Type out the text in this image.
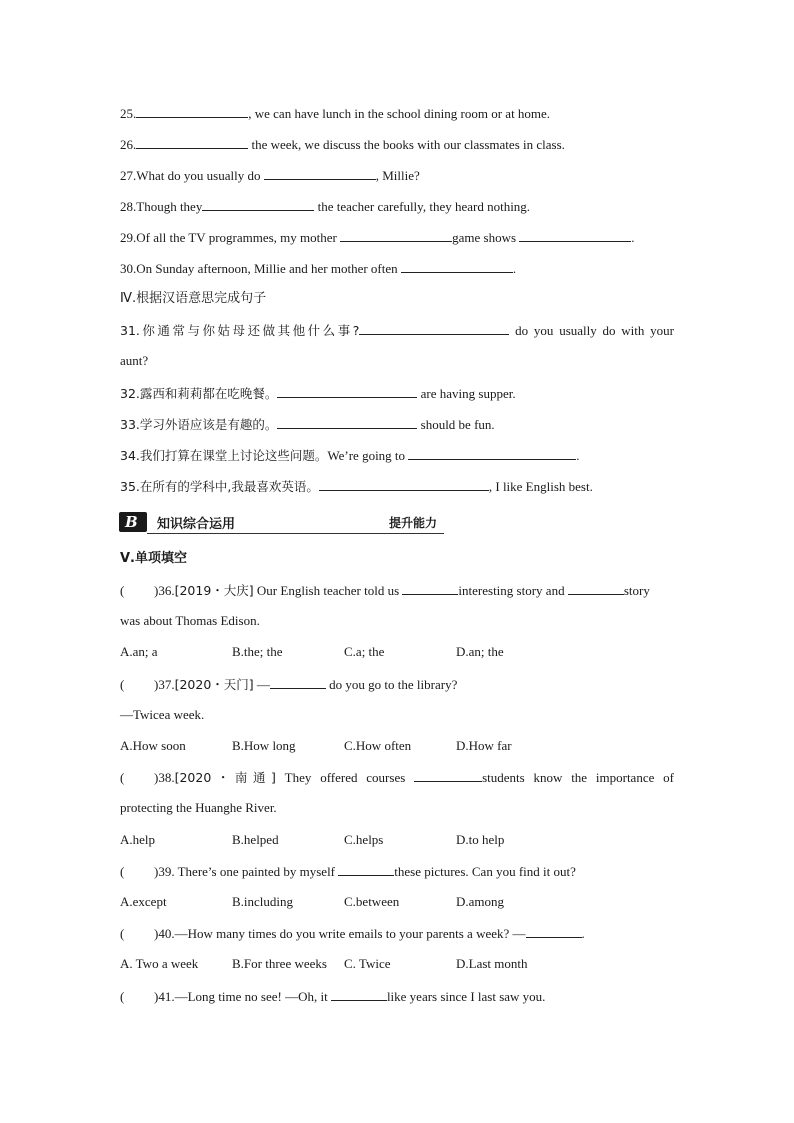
25.	, we can have lunch in the school dining room or at home.
26.	the week, we discuss the books with our classmates in class.
27.What do you usually do	, Millie?
28.Though they	the teacher carefully, they heard nothing.
29.Of all the TV programmes, my mother	game shows	.
30.On Sunday afternoon, Millie and her mother often	.
Ⅳ.根据汉语意思完成句子
31.你通常与你姑母还做其他什么事?	do you usually do with your
aunt?
32.露西和莉莉都在吃晚餐。	are having supper.
33.学习外语应该是有趣的。	should be fun.
34.我们打算在课堂上讨论这些问题。We’re going to	.
35.在所有的学科中,我最喜欢英语。	, I like English best.
B 知识综合运用	提升能力
Ⅴ.单项填空
( )36.[2019・大庆] Our English teacher told us	interesting story and	story
was about Thomas Edison.
A.an; a	B.the; the	C.a; the	D.an; the
( )37.[2020・天门] —	do you go to the library?
—Twicea week.
A.How soon	B.How long	C.How often	D.How far
( )38.[2020・南通] They offered courses	students know the importance of
protecting the Huanghe River.
A.help	B.helped	C.helps	D.to help
( )39. There’s one painted by myself	these pictures. Can you find it out?
A.except	B.including	C.between	D.among
( )40.—How many times do you write emails to your parents a week? —	.
A. Two a week	B.For three weeks C. Twice	D.Last month
( )41.—Long time no see! —Oh, it	like years since I last saw you.
